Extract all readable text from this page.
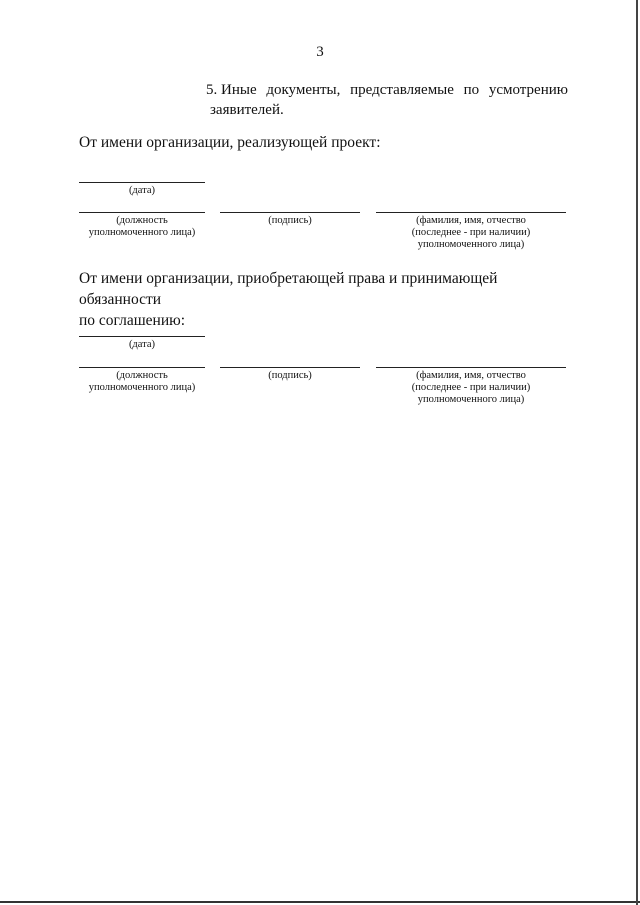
3
5. Иные документы, представляемые по усмотрению
заявителей.
От имени организации, реализующей проект:
(дата)
(должность
уполномоченного лица)
(подпись)	(фамилия, имя, отчество
(последнее - при наличии)
уполномоченного лица)
От имени организации, приобретающей права и принимающей обязанности
по соглашению:
(дата)
(должность
уполномоченного лица)
(подпись)	(фамилия, имя, отчество
(последнее - при наличии)
уполномоченного лица)
